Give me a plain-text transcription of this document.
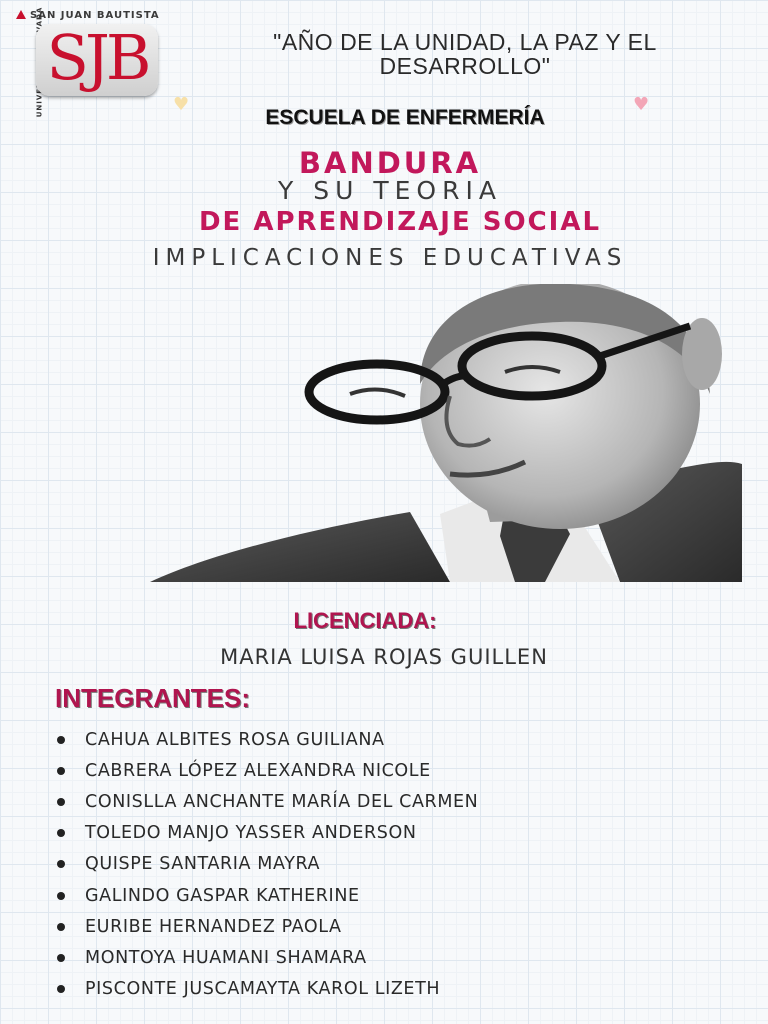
SAN JUAN BAUTISTA
SJB	"AÑO DE LA UNIDAD, LA PAZ Y EL DESARROLLO"
♥	♥
ESCUELA DE ENFERMERÍA
BANDURA
Y SU TEORIA
DE APRENDIZAJE SOCIAL
IMPLICACIONES EDUCATIVAS
LICENCIADA:
MARIA LUISA ROJAS GUILLEN
INTEGRANTES:
CAHUA ALBITES ROSA GUILIANA
CABRERA LÓPEZ ALEXANDRA NICOLE
CONISLLA ANCHANTE MARÍA DEL CARMEN
TOLEDO MANJO YASSER ANDERSON
QUISPE SANTARIA MAYRA
GALINDO GASPAR KATHERINE
EURIBE HERNANDEZ PAOLA
MONTOYA HUAMANI SHAMARA
PISCONTE JUSCAMAYTA KAROL LIZETH
